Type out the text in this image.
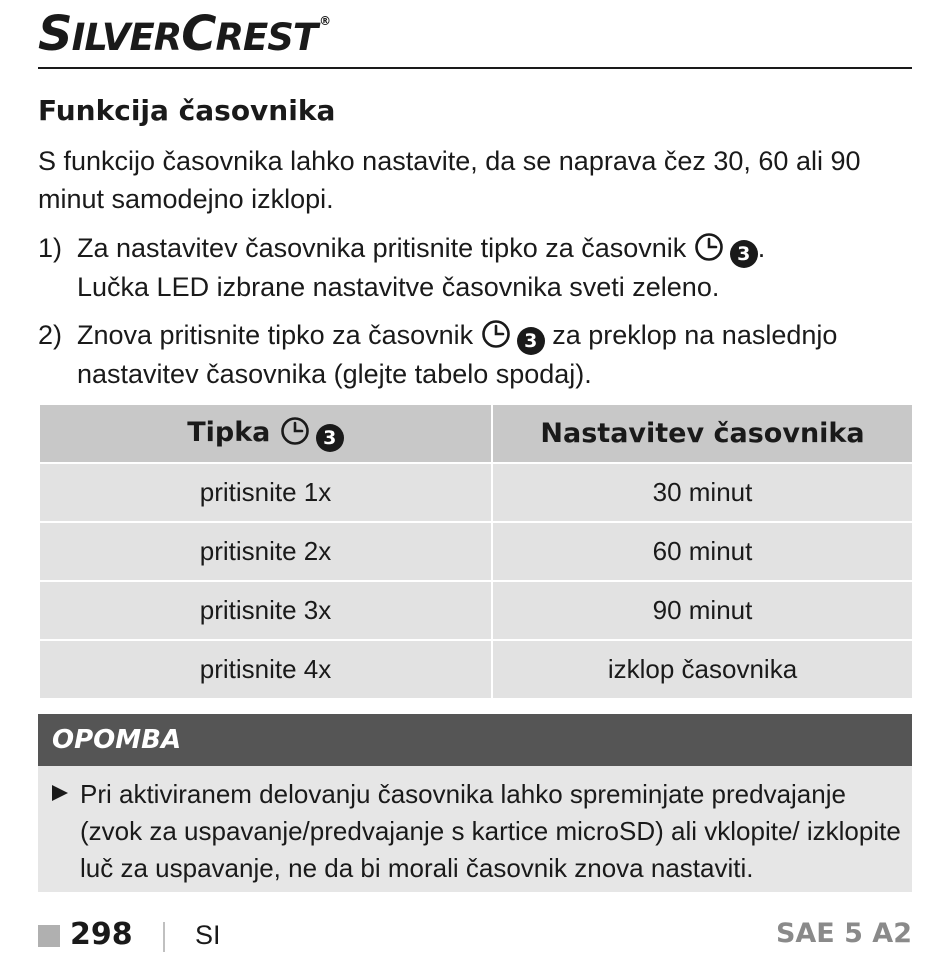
SILVERCREST ®
Funkcija časovnika
S funkcijo časovnika lahko nastavite, da se naprava čez 30, 60 ali 90 minut samodejno izklopi.
1) Za nastavitev časovnika pritisnite tipko za časovnik	3 .
Lučka LED izbrane nastavitve časovnika sveti zeleno.
2) Znova pritisnite tipko za časovnik	3 za preklop na naslednjo nastavitev časovnika (glejte tabelo spodaj).
Tipka 3	Nastavitev časovnika
pritisnite 1x	30 minut
pritisnite 2x	60 minut
pritisnite 3x	90 minut
pritisnite 4x	izklop časovnika
OPOMBA
Pri aktiviranem delovanju časovnika lahko spreminjate predvajanje (zvok za uspavanje/predvajanje s kartice microSD) ali vklopite/ izklopite luč za uspavanje, ne da bi morali časovnik znova nastaviti.
298 SI	SAE 5 A2
